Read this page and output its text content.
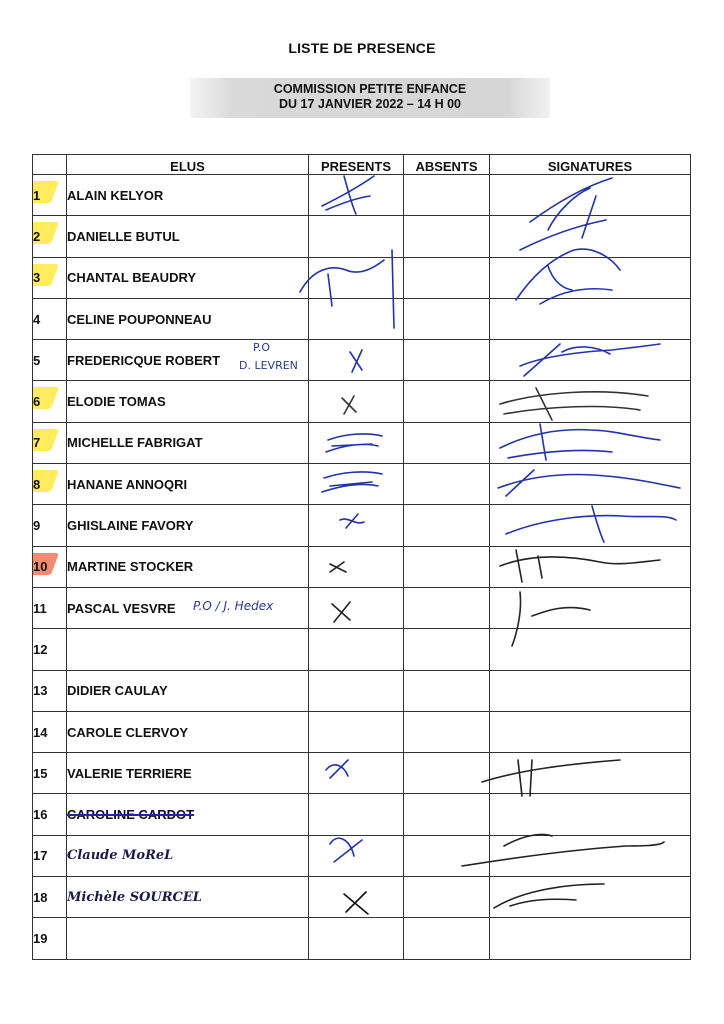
LISTE DE PRESENCE
COMMISSION PETITE ENFANCE
DU 17 JANVIER 2022 – 14 H 00
	ELUS	PRESENTS	ABSENTS	SIGNATURES

1	ALAIN KELYOR			

2	DANIELLE BUTUL			

3	CHANTAL BEAUDRY			
4	CELINE POUPONNEAU			
5	FREDERICQUE ROBERT
P.O
D. LEVREN			

6	ELODIE TOMAS			

7	MICHELLE FABRIGAT			

8	HANANE ANNOQRI			
9	GHISLAINE FAVORY			

10	MARTINE STOCKER			
11	PASCAL VESVRE P.O / J. Hedex			

12				
13	DIDIER CAULAY			
14	CAROLE CLERVOY			
15	VALERIE TERRIERE			
16	CAROLINE CARDOT			
17	Claude MoReL			
18	Michèle SOURCEL			
19				
